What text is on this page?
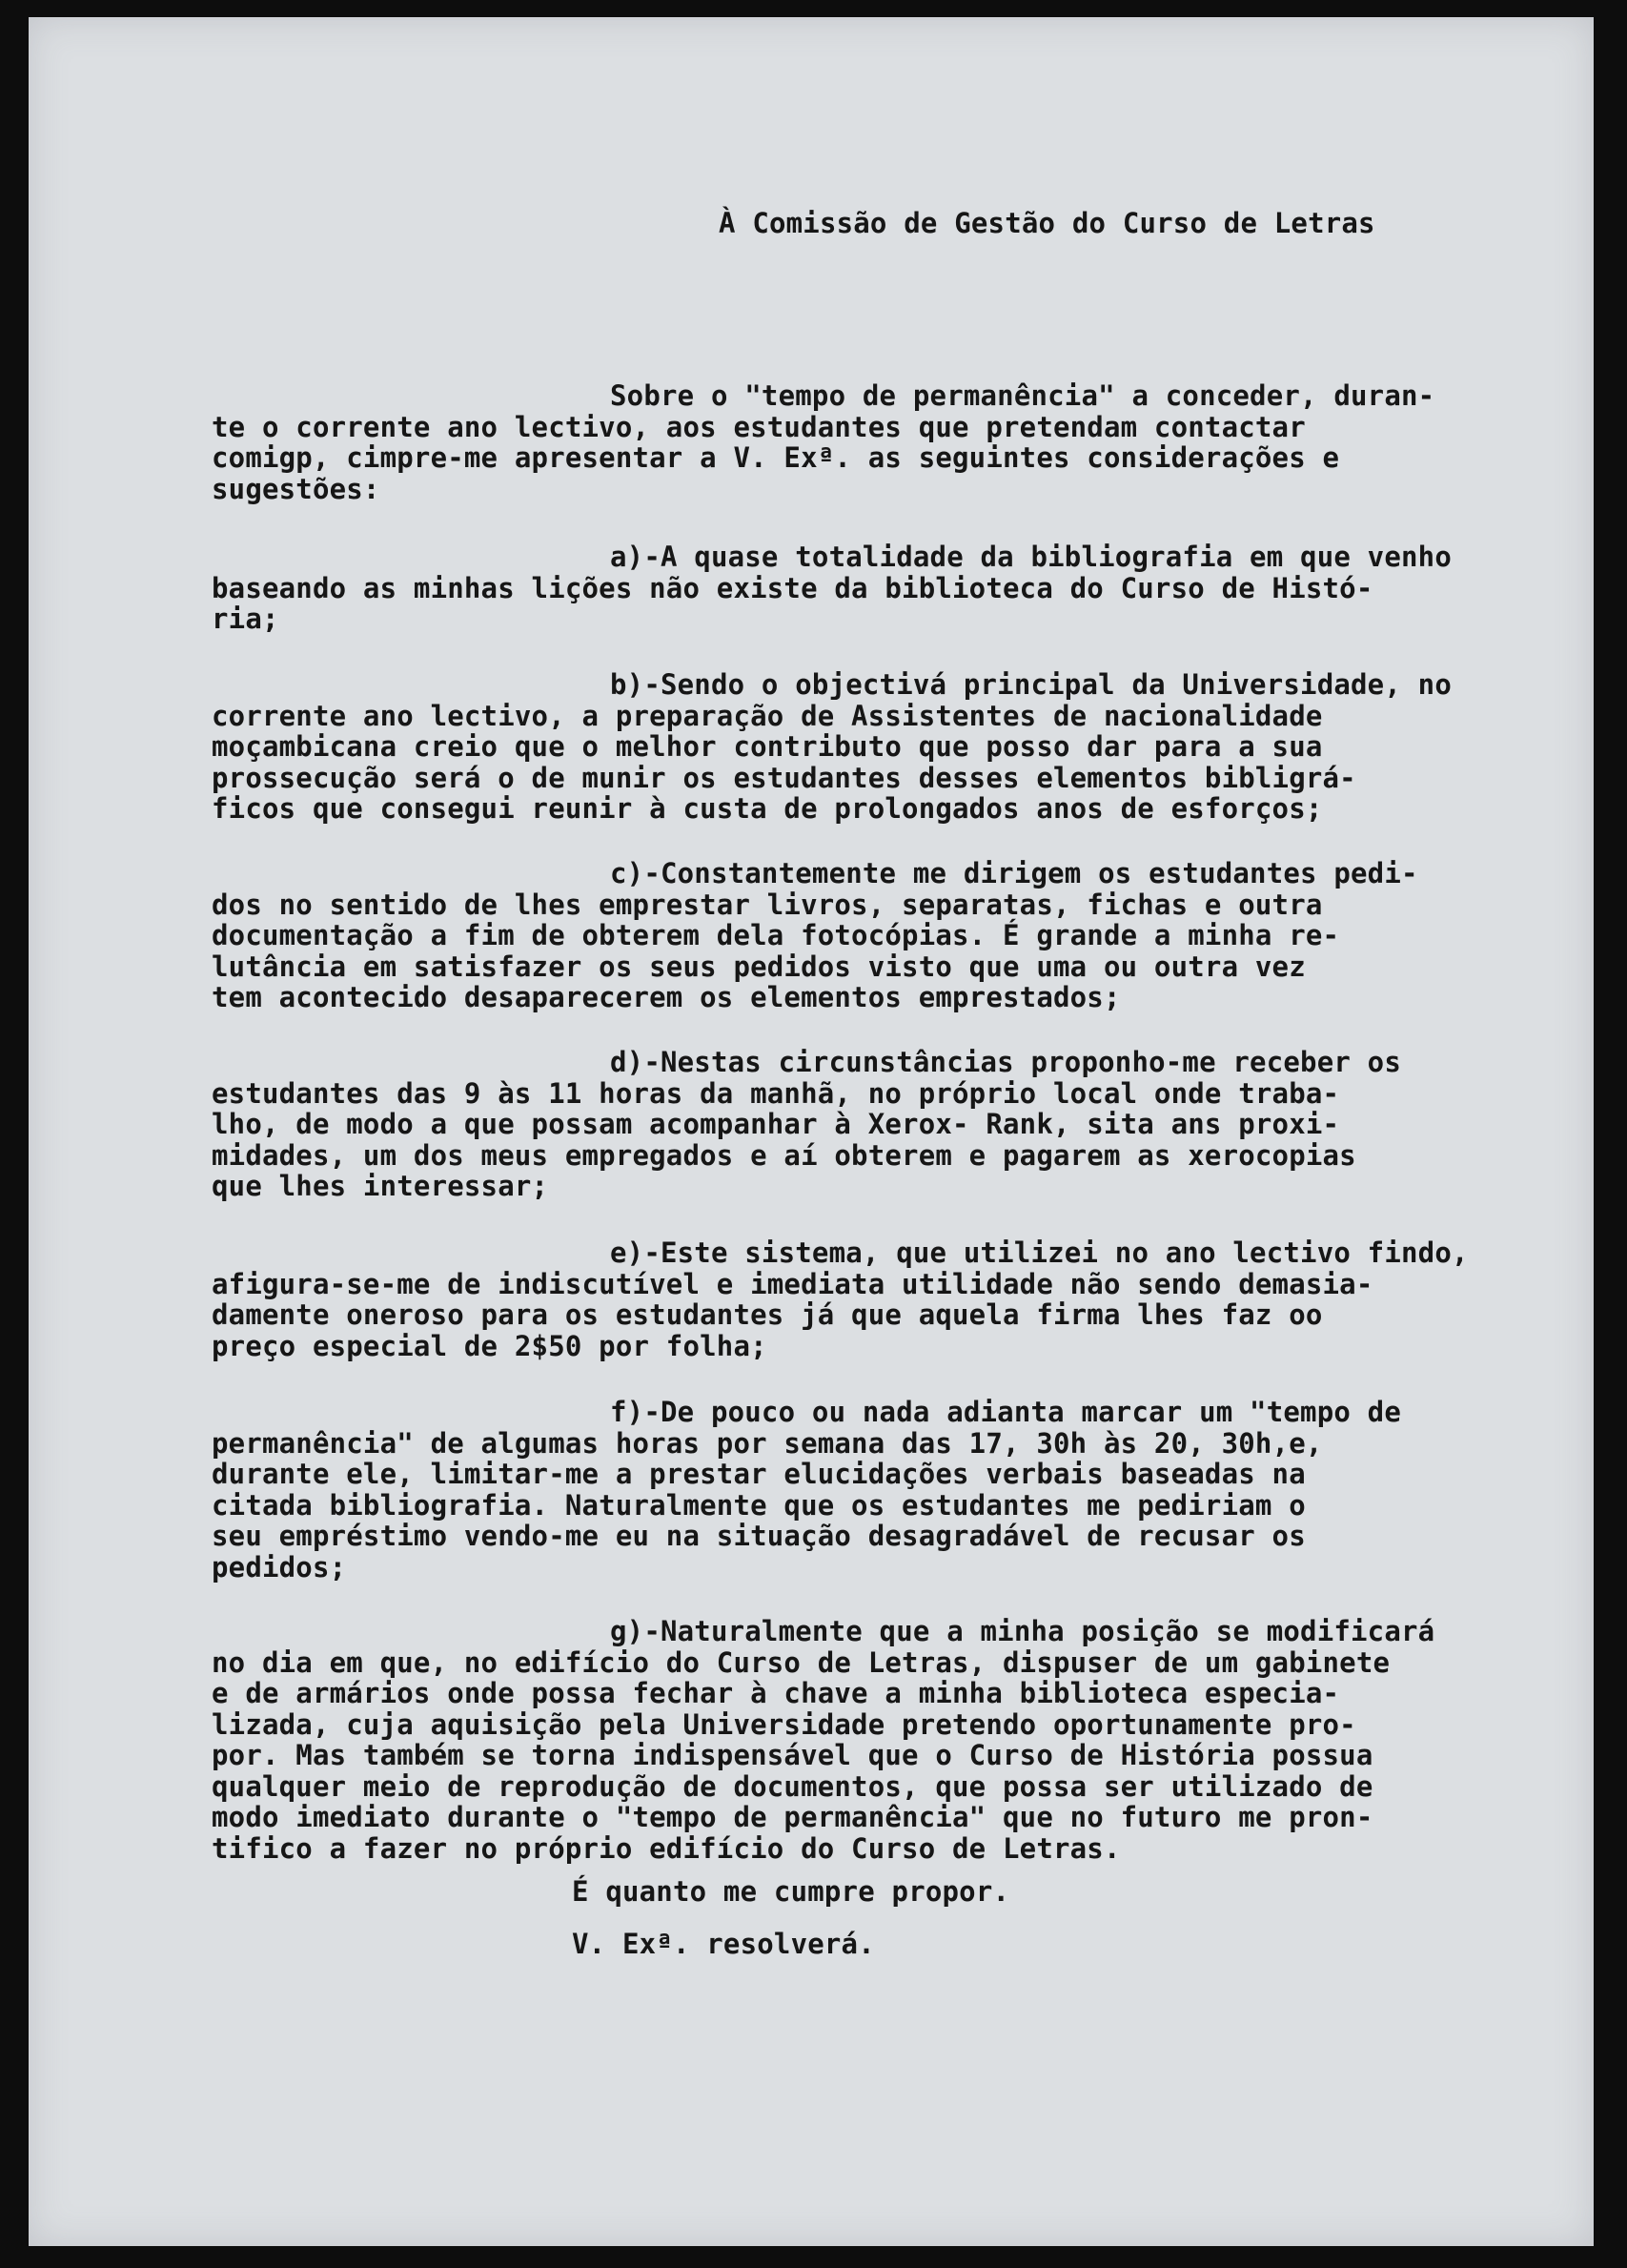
À Comissão de Gestão do Curso de Letras
Sobre o "tempo de permanência" a conceder, duran-
te o corrente ano lectivo, aos estudantes que pretendam contactar
comigp, cimpre-me apresentar a V. Exª. as seguintes considerações e
sugestões:
a)-A quase totalidade da bibliografia em que venho
baseando as minhas lições não existe da biblioteca do Curso de Histó-
ria;
b)-Sendo o objectivá principal da Universidade, no
corrente ano lectivo, a preparação de Assistentes de nacionalidade
moçambicana creio que o melhor contributo que posso dar para a sua
prossecução será o de munir os estudantes desses elementos bibligrá-
ficos que consegui reunir à custa de prolongados anos de esforços;
c)-Constantemente me dirigem os estudantes pedi-
dos no sentido de lhes emprestar livros, separatas, fichas e outra
documentação a fim de obterem dela fotocópias. É grande a minha re-
lutância em satisfazer os seus pedidos visto que uma ou outra vez
tem acontecido desaparecerem os elementos emprestados;
d)-Nestas circunstâncias proponho-me receber os
estudantes das 9 às 11 horas da manhã, no próprio local onde traba-
lho, de modo a que possam acompanhar à Xerox- Rank, sita ans proxi-
midades, um dos meus empregados e aí obterem e pagarem as xerocopias
que lhes interessar;
e)-Este sistema, que utilizei no ano lectivo findo,
afigura-se-me de indiscutível e imediata utilidade não sendo demasia-
damente oneroso para os estudantes já que aquela firma lhes faz oo
preço especial de 2$50 por folha;
f)-De pouco ou nada adianta marcar um "tempo de
permanência" de algumas horas por semana das 17, 30h às 20, 30h,e,
durante ele, limitar-me a prestar elucidações verbais baseadas na
citada bibliografia. Naturalmente que os estudantes me pediriam o
seu empréstimo vendo-me eu na situação desagradável de recusar os
pedidos;
g)-Naturalmente que a minha posição se modificará
no dia em que, no edifício do Curso de Letras, dispuser de um gabinete
e de armários onde possa fechar à chave a minha biblioteca especia-
lizada, cuja aquisição pela Universidade pretendo oportunamente pro-
por. Mas também se torna indispensável que o Curso de História possua
qualquer meio de reprodução de documentos, que possa ser utilizado de
modo imediato durante o "tempo de permanência" que no futuro me pron-
tifico a fazer no próprio edifício do Curso de Letras.
É quanto me cumpre propor.
V. Exª. resolverá.
